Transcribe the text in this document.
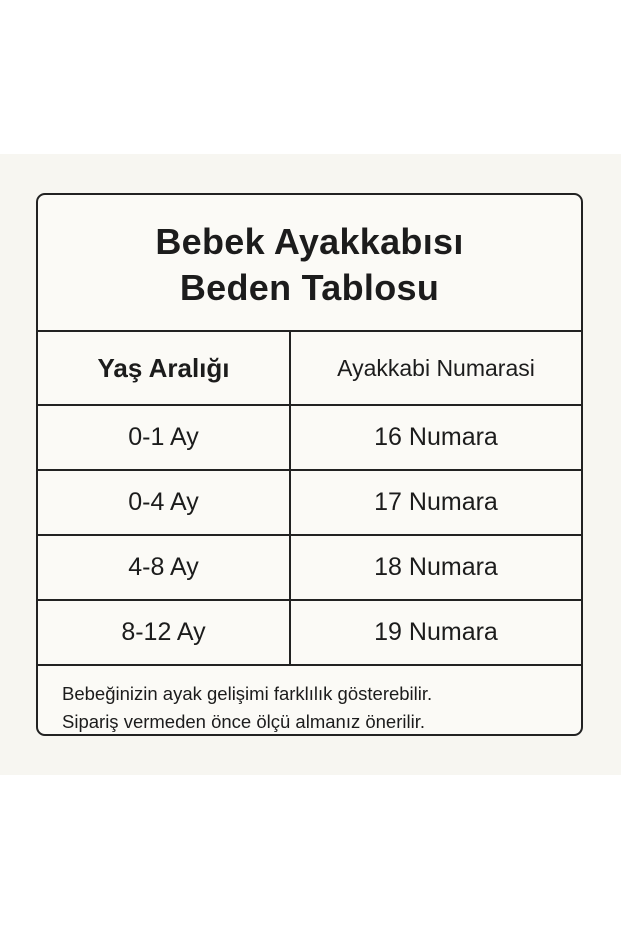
Bebek Ayakkabısı
Beden Tablosu
Yaş Aralığı	Ayakkabi Numarasi
0-1 Ay	16 Numara
0-4 Ay	17 Numara
4-8 Ay	18 Numara
8-12 Ay	19 Numara
Bebeğinizin ayak gelişimi farklılık gösterebilir.
Sipariş vermeden önce ölçü almanız önerilir.
